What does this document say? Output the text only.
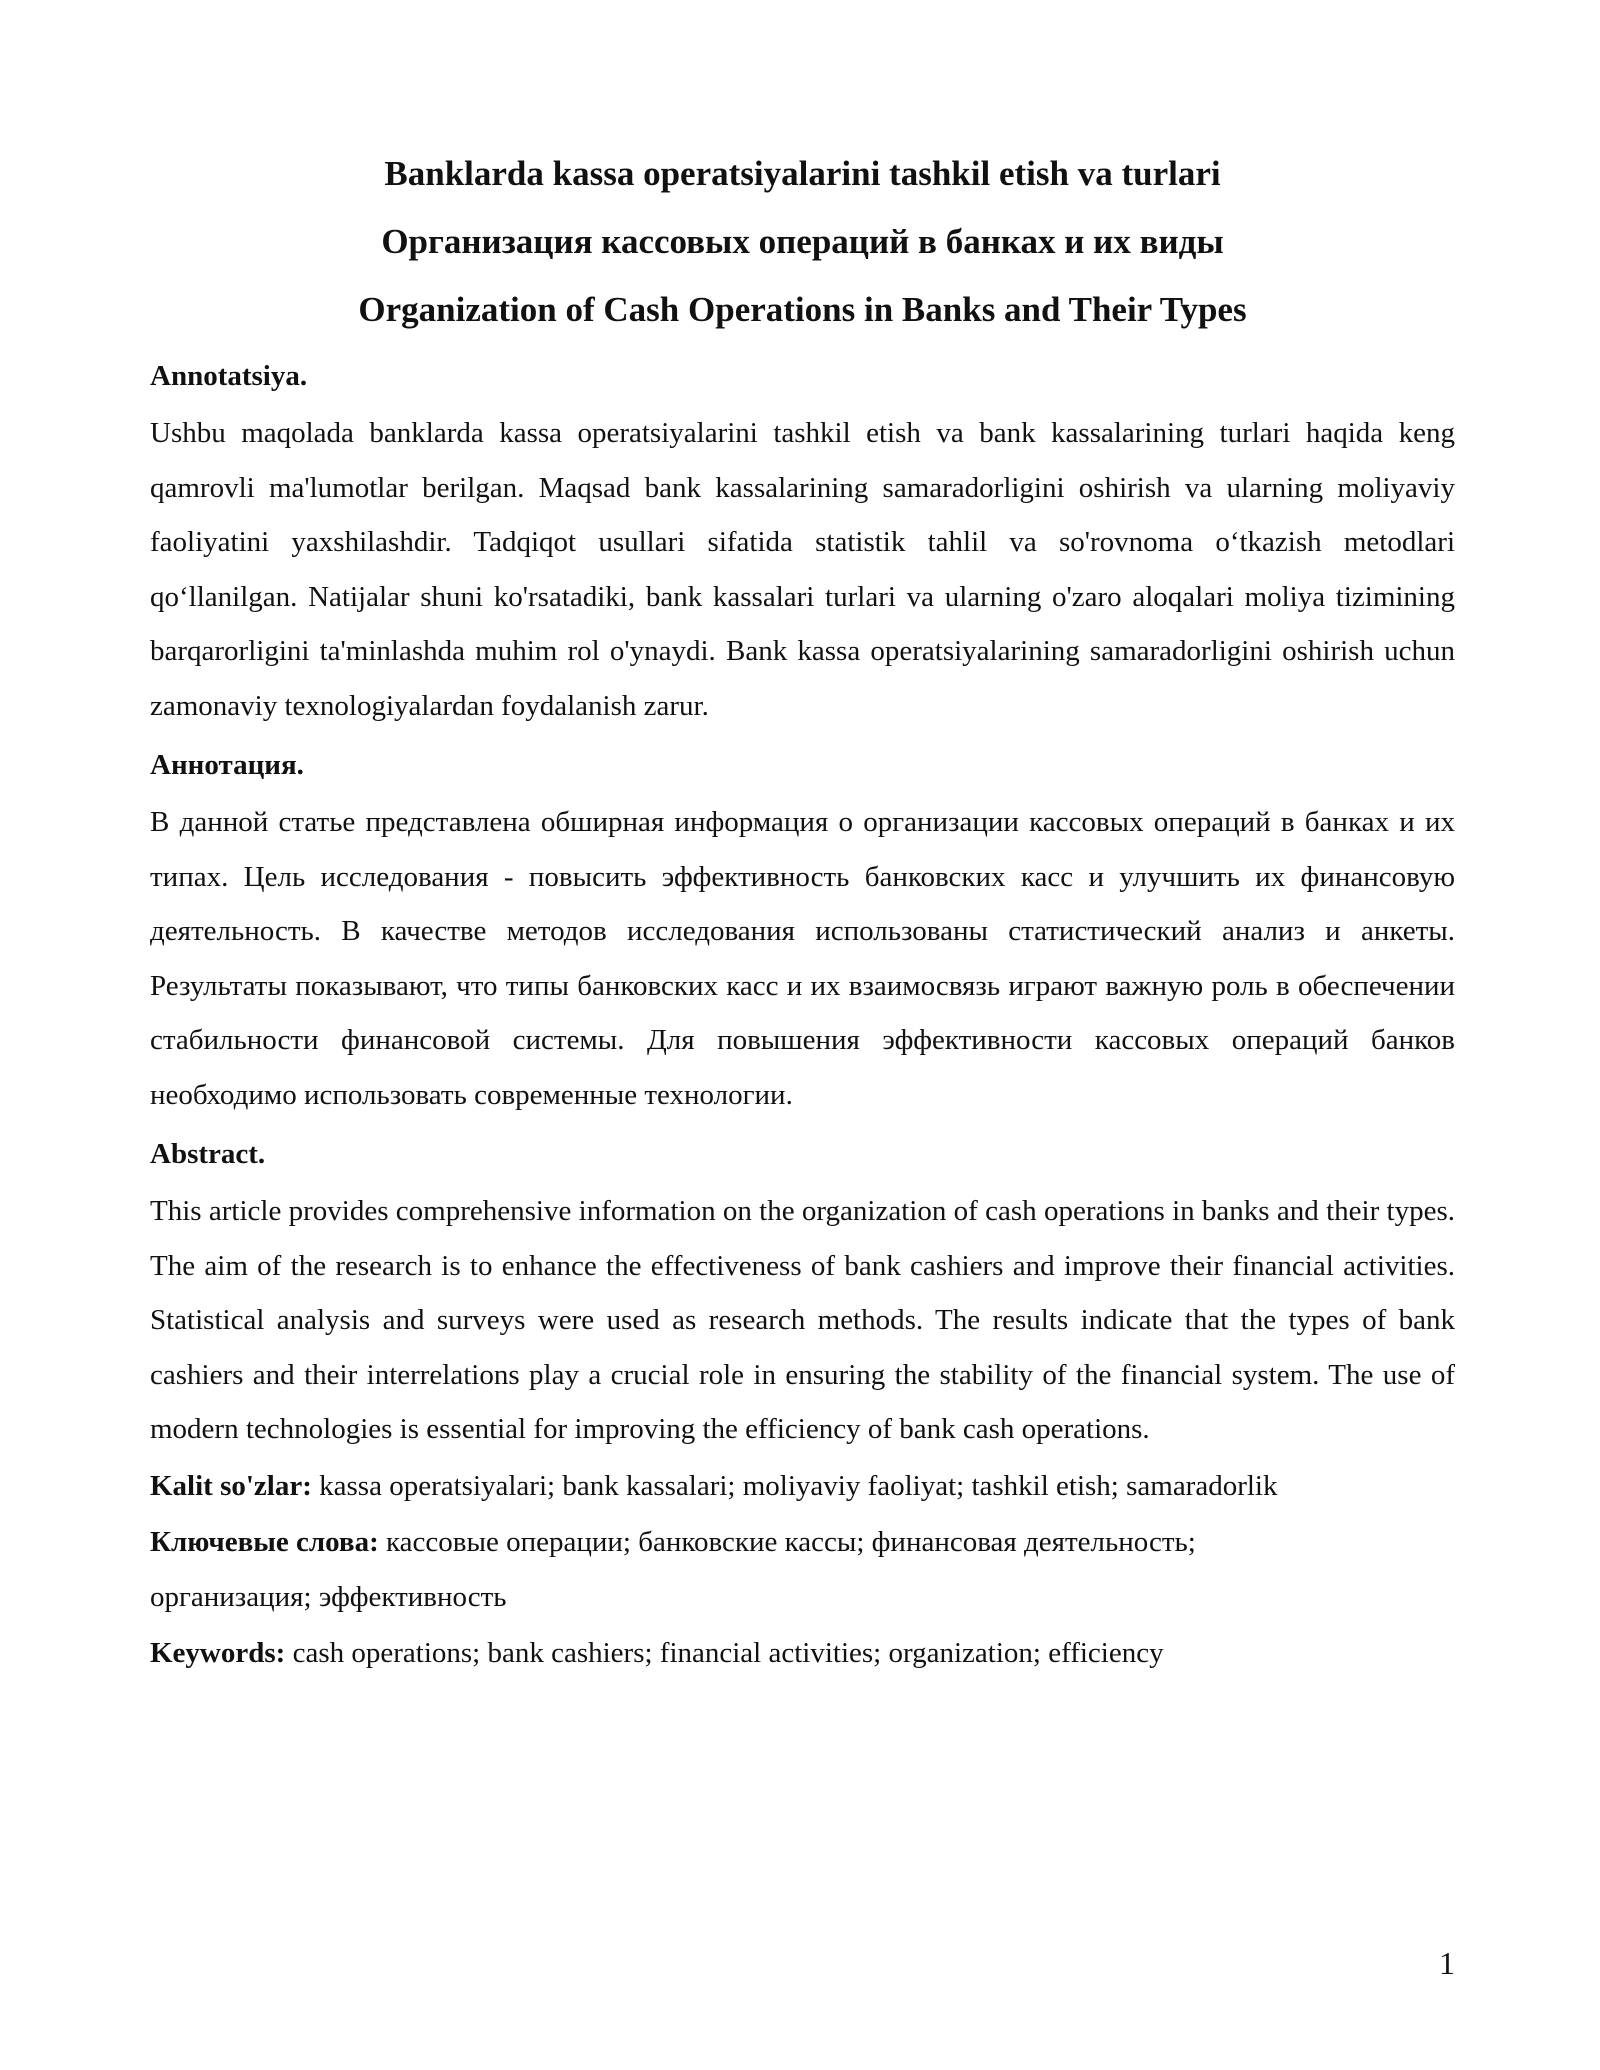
Banklarda kassa operatsiyalarini tashkil etish va turlari

Организация кассовых операций в банках и их виды

Organization of Cash Operations in Banks and Their Types

Annotatsiya.

Ushbu maqolada banklarda kassa operatsiyalarini tashkil etish va bank kassalarining turlari haqida keng qamrovli ma'lumotlar berilgan. Maqsad bank kassalarining samaradorligini oshirish va ularning moliyaviy faoliyatini yaxshilashdir. Tadqiqot usullari sifatida statistik tahlil va so'rovnoma o‘tkazish metodlari qo‘llanilgan. Natijalar shuni ko'rsatadiki, bank kassalari turlari va ularning o'zaro aloqalari moliya tizimining barqarorligini ta'minlashda muhim rol o'ynaydi. Bank kassa operatsiyalarining samaradorligini oshirish uchun zamonaviy texnologiyalardan foydalanish zarur.

Аннотация.

В данной статье представлена обширная информация о организации кассовых операций в банках и их типах. Цель исследования - повысить эффективность банковских касс и улучшить их финансовую деятельность. В качестве методов исследования использованы статистический анализ и анкеты. Результаты показывают, что типы банковских касс и их взаимосвязь играют важную роль в обеспечении стабильности финансовой системы. Для повышения эффективности кассовых операций банков необходимо использовать современные технологии.

Abstract.

This article provides comprehensive information on the organization of cash operations in banks and their types. The aim of the research is to enhance the effectiveness of bank cashiers and improve their financial activities. Statistical analysis and surveys were used as research methods. The results indicate that the types of bank cashiers and their interrelations play a crucial role in ensuring the stability of the financial system. The use of modern technologies is essential for improving the efficiency of bank cash operations.

Kalit so'zlar: kassa operatsiyalari; bank kassalari; moliyaviy faoliyat; tashkil etish; samaradorlik

Ключевые слова: кассовые операции; банковские кассы; финансовая деятельность;
организация; эффективность

Keywords: cash operations; bank cashiers; financial activities; organization; efficiency

1
